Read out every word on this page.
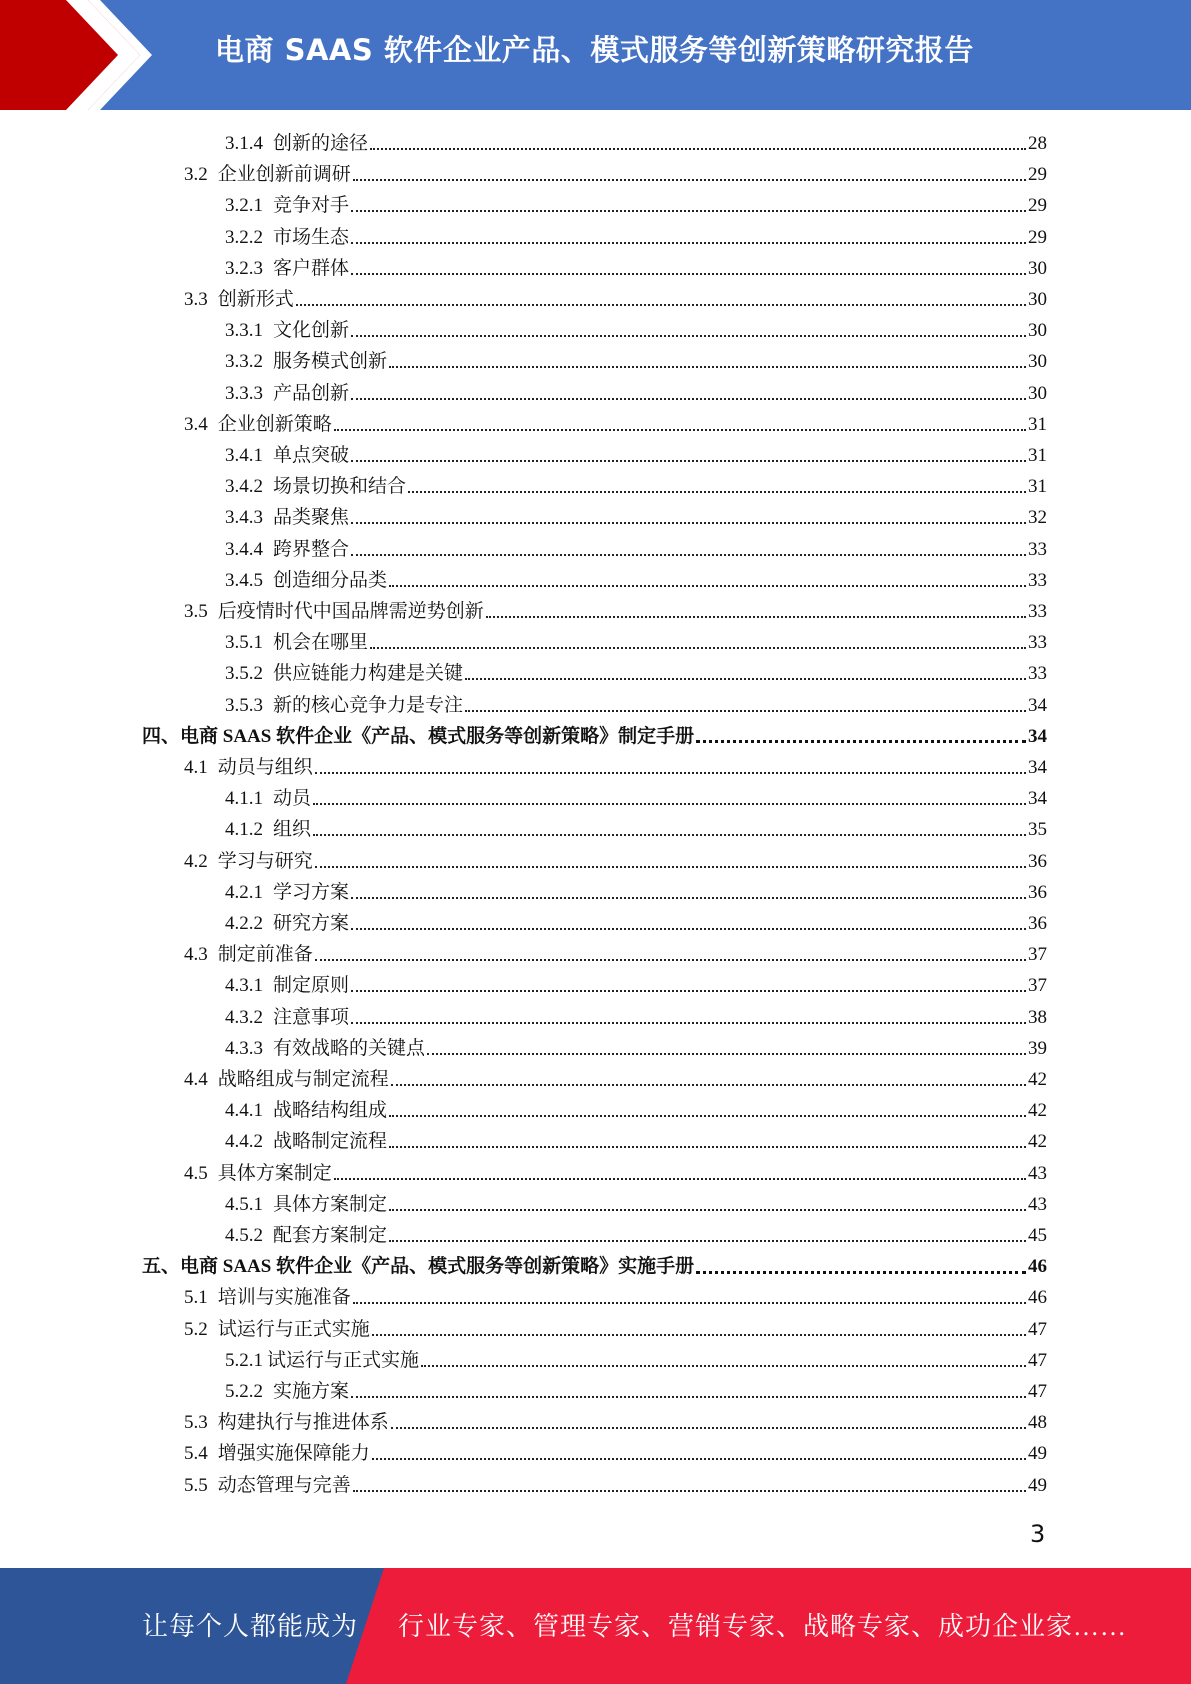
电商 SAAS 软件企业产品、模式服务等创新策略研究报告
3.1.4 创新的途径	28
3.2 企业创新前调研	29
3.2.1 竞争对手	29
3.2.2 市场生态	29
3.2.3 客户群体	30
3.3 创新形式	30
3.3.1 文化创新	30
3.3.2 服务模式创新	30
3.3.3 产品创新	30
3.4 企业创新策略	31
3.4.1 单点突破	31
3.4.2 场景切换和结合	31
3.4.3 品类聚焦	32
3.4.4 跨界整合	33
3.4.5 创造细分品类	33
3.5 后疫情时代中国品牌需逆势创新	33
3.5.1 机会在哪里	33
3.5.2 供应链能力构建是关键	33
3.5.3 新的核心竞争力是专注	34
四、电商 SAAS 软件企业《产品、模式服务等创新策略》制定手册	34
4.1 动员与组织	34
4.1.1 动员	34
4.1.2 组织	35
4.2 学习与研究	36
4.2.1 学习方案	36
4.2.2 研究方案	36
4.3 制定前准备	37
4.3.1 制定原则	37
4.3.2 注意事项	38
4.3.3 有效战略的关键点	39
4.4 战略组成与制定流程	42
4.4.1 战略结构组成	42
4.4.2 战略制定流程	42
4.5 具体方案制定	43
4.5.1 具体方案制定	43
4.5.2 配套方案制定	45
五、电商 SAAS 软件企业《产品、模式服务等创新策略》实施手册	46
5.1 培训与实施准备	46
5.2 试运行与正式实施	47
5.2.1 试运行与正式实施	47
5.2.2 实施方案	47
5.3 构建执行与推进体系	48
5.4 增强实施保障能力	49
5.5 动态管理与完善	49
3
让每个人都能成为 行业专家、管理专家、营销专家、战略专家、成功企业家……
